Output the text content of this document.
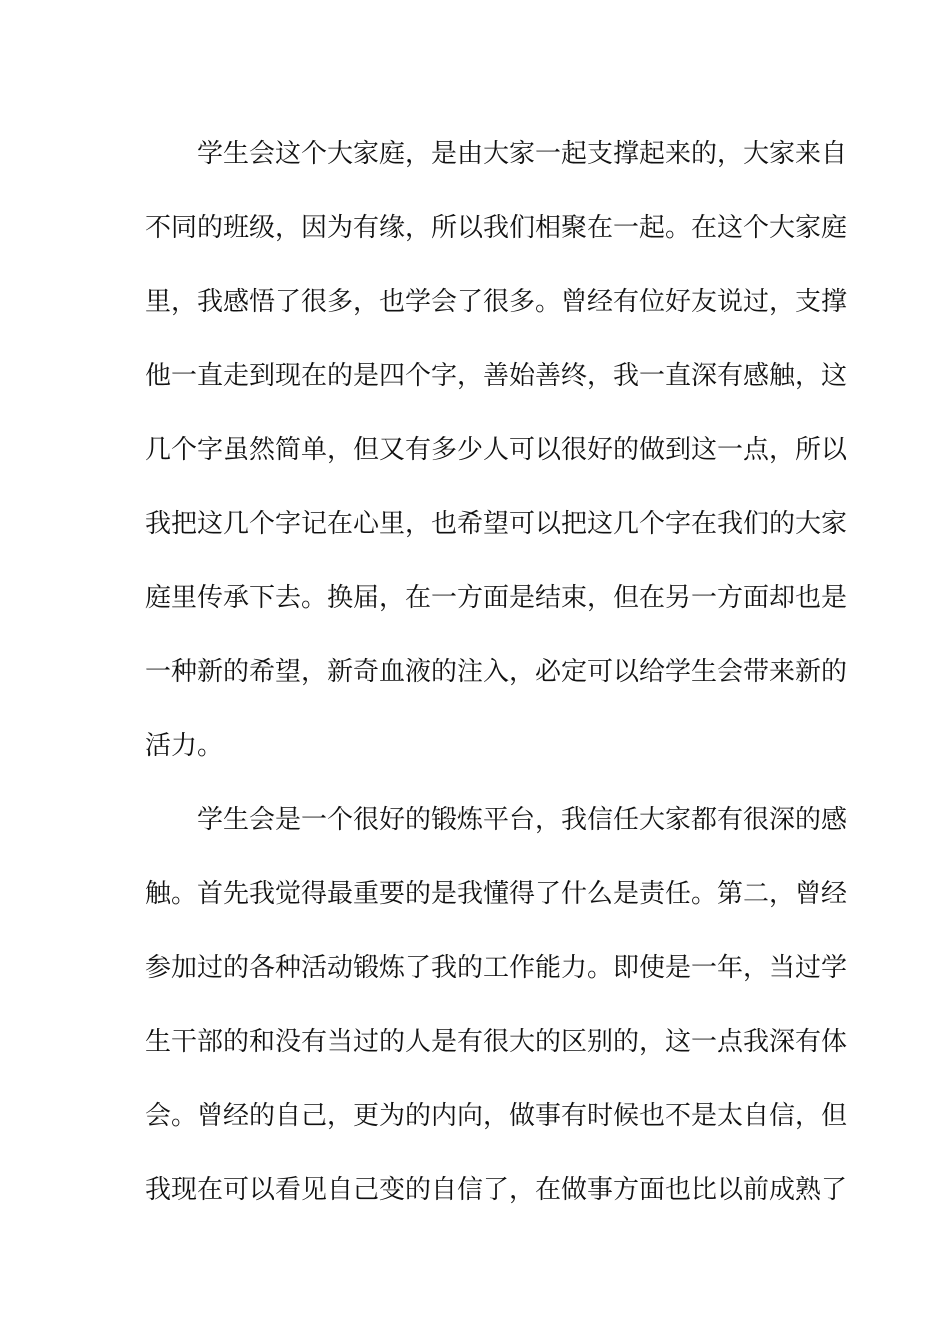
学生会这个大家庭，是由大家一起支撑起来的，大家来自
不同的班级，因为有缘，所以我们相聚在一起。在这个大家庭
里，我感悟了很多，也学会了很多。曾经有位好友说过，支撑
他一直走到现在的是四个字，善始善终，我一直深有感触，这
几个字虽然简单，但又有多少人可以很好的做到这一点，所以
我把这几个字记在心里，也希望可以把这几个字在我们的大家
庭里传承下去。换届，在一方面是结束，但在另一方面却也是
一种新的希望，新奇血液的注入，必定可以给学生会带来新的
活力。
学生会是一个很好的锻炼平台，我信任大家都有很深的感
触。首先我觉得最重要的是我懂得了什么是责任。第二，曾经
参加过的各种活动锻炼了我的工作能力。即使是一年，当过学
生干部的和没有当过的人是有很大的区别的，这一点我深有体
会。曾经的自己，更为的内向，做事有时候也不是太自信，但
我现在可以看见自己变的自信了，在做事方面也比以前成熟了
